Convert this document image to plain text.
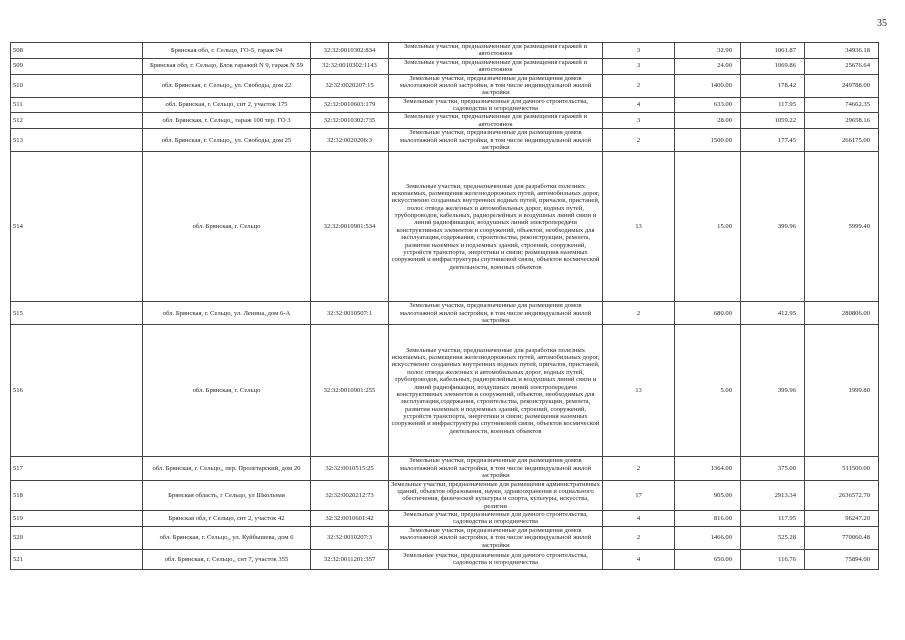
35
508	Брянская обл, г. Сельцо, ГО-5, гараж 94	32:32:0010302:834	Земельные участки, предназначенные для размещения гаражей и автостоянок	3	32.90	1061.87	34936.18
509	Брянская обл, г. Сельцо, Блок гаражей N 9, гараж N 59	32:32:0010302:1143	Земельные участки, предназначенные для размещения гаражей и автостоянок	3	24.00	1069.86	25676.64
510	обл. Брянская, г. Сельцо,, ул. Свободы, дом 22	32:32:0020207:15	Земельные участки, предназначенные для размещения домов малоэтажной жилой застройки, в том числе индивидуальной жилой застройки	2	1400.00	178.42	249788.00
511	обл. Брянская, г. Сельцо, снт 2, участок 175	32:32:0010603:179	Земельные участки, предназначенные для дачного строительства, садоводства и огородничества	4	633.00	117.95	74662.35
512	обл. Брянская, г. Сельцо,, гараж 100 тер. ГО 3	32:32:0010302:735	Земельные участки, предназначенные для размещения гаражей и автостоянок	3	28.00	1059.22	29658.16
513	обл. Брянская, г. Сельцо,, ул. Свободы, дом 25	32:32:0020206:3	Земельные участки, предназначенные для размещения домов малоэтажной жилой застройки, в том числе индивидуальной жилой застройки	2	1500.00	177.45	266175.00
514	обл. Брянская, г. Сельцо	32:32:0010901:534	Земельные участки, предназначенные для разработки полезных ископаемых, размещения железнодорожных путей, автомобильных дорог, искусственно созданных внутренних водных путей, причалов, пристаней, полос отвода железных и автомобильных дорог, водных путей, трубопроводов, кабельных, радиорелейных и воздушных линий связи и линий радиофикации, воздушных линий электропередачи конструктивных элементов и сооружений, объектов, необходимых для эксплуатации,содержания, строительства, реконструкции, ремонта, развития наземных и подземных зданий, строений, сооружений, устройств транспорта, энергетики и связи; размещения наземных сооружений и инфраструктуры спутниковой связи, объектов космической деятельности, военных объектов	13	15.00	399.96	5999.40
515	обл. Брянская, г. Сельцо, ул. Ленина, дом 6-А	32:32:0010507:1	Земельные участки, предназначенные для размещения домов малоэтажной жилой застройки, в том числе индивидуальной жилой застройки	2	680.00	412.95	280806.00
516	обл. Брянская, г. Сельцо	32:32:0010901:255	Земельные участки, предназначенные для разработки полезных ископаемых, размещения железнодорожных путей, автомобильных дорог, искусственно созданных внутренних водных путей, причалов, пристаней, полос отвода железных и автомобильных дорог, водных путей, трубопроводов, кабельных, радиорелейных и воздушных линий связи и линий радиофикации, воздушных линий электропередачи конструктивных элементов и сооружений, объектов, необходимых для эксплуатации,содержания, строительства, реконструкции, ремонта, развития наземных и подземных зданий, строений, сооружений, устройств транспорта, энергетики и связи; размещения наземных сооружений и инфраструктуры спутниковой связи, объектов космической деятельности, военных объектов	13	5.00	399.96	1999.80
517	обл. Брянская, г. Сельцо,, пер. Пролетарский, дом 20	32:32:0010515:25	Земельные участки, предназначенные для размещения домов малоэтажной жилой застройки, в том числе индивидуальной жилой застройки	2	1364.00	375.00	511500.00
518	Брянская область, г Сельцо, ул Школьная	32:32:0020212:73	Земельные участки, предназначенные для размещения административных зданий, объектов образования, науки, здравоохранения и социального обеспечения, физической культуры и спорта, культуры, искусства, религии	17	905.00	2913.34	2636572.70
519	Брянская обл, г Сельцо, снт 2, участок 42	32:32:0010601:42	Земельные участки, предназначенные для дачного строительства, садоводства и огородничества	4	816.00	117.95	96247.20
520	обл. Брянская, г. Сельцо,, ул. Куйбышева, дом 6	32:32:0010207:3	Земельные участки, предназначенные для размещения домов малоэтажной жилой застройки, в том числе индивидуальной жилой застройки	2	1466.00	525.28	770060.48
521	обл. Брянская, г. Сельцо,, снт 7, участок 355	32:32:0011201:357	Земельные участки, предназначенные для дачного строительства, садоводства и огородничества	4	650.00	116.76	75894.00
